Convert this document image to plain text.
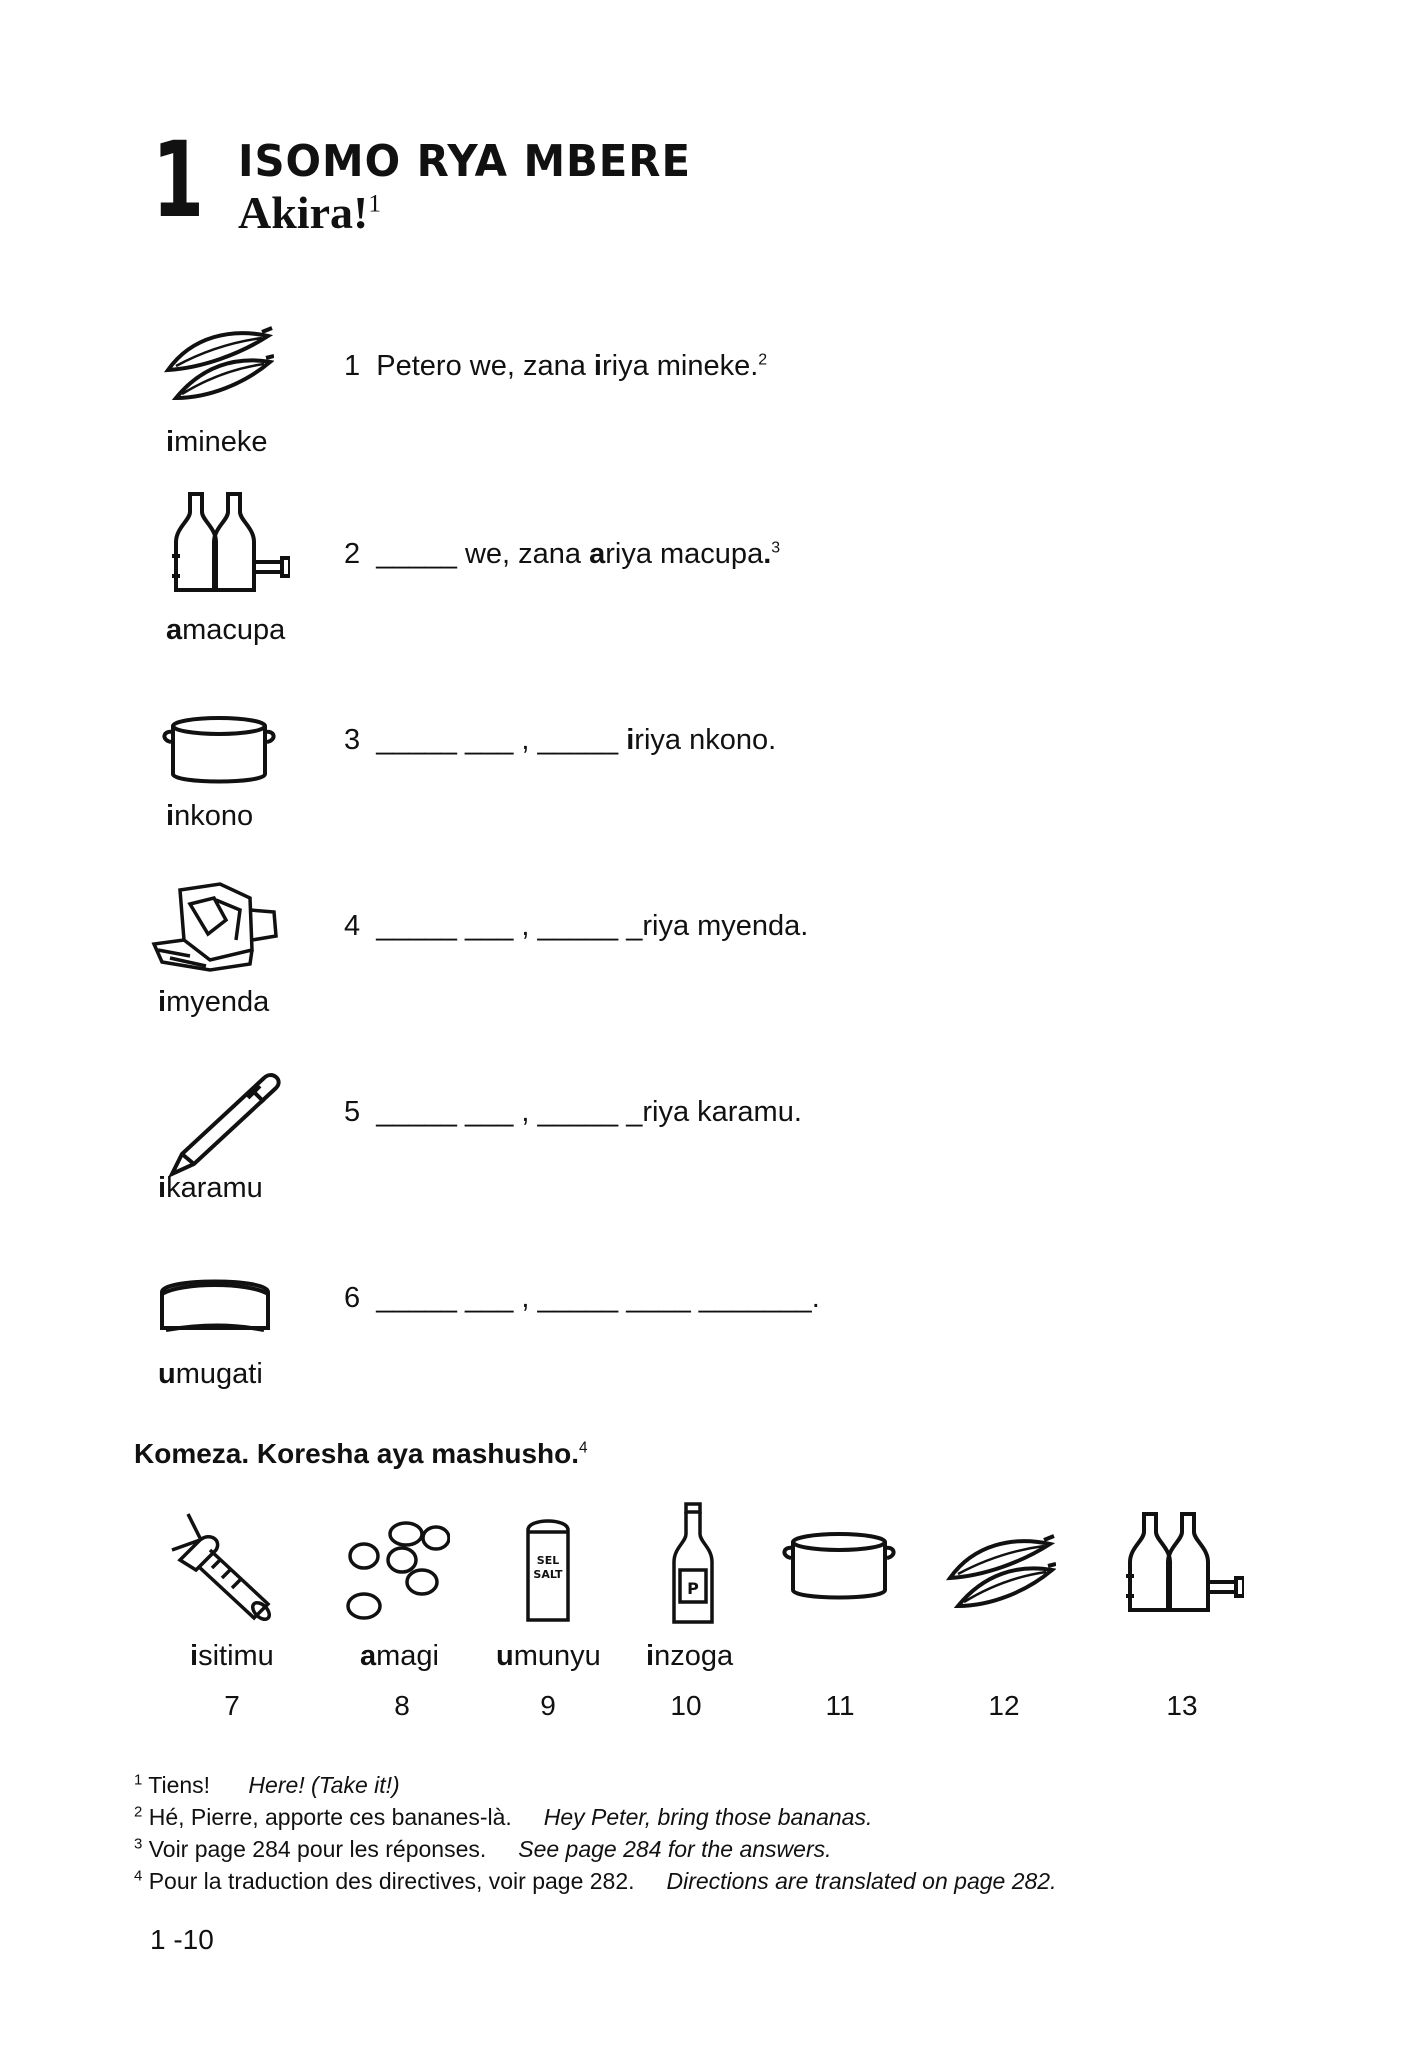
1 ISOMO RYA MBERE
Akira!$^1$
imineke
1 Petero we, zana iriya mineke.$^2$
amacupa
2 _____ we, zana ariya macupa.$^3$
inkono
3 _____ ___ , _____ iriya nkono.
imyenda
4 _____ ___ , _____ _riya myenda.
ikaramu
5 _____ ___ , _____ _riya karamu.
umugati
6 _____ ___ , _____ ____ _______.
Komeza. Koresha aya mashusho.$^4$
SEL
SALT
P
isitimu	amagi umunyu inzoga
7	8	9	10	11	12	13
$^1$ Tiens! Here! (Take it!)
$^2$ Hé, Pierre, apporte ces bananes-là. Hey Peter, bring those bananas.
$^3$ Voir page 284 pour les réponses. See page 284 for the answers.
$^4$ Pour la traduction des directives, voir page 282. Directions are translated on page 282.
1 -10
